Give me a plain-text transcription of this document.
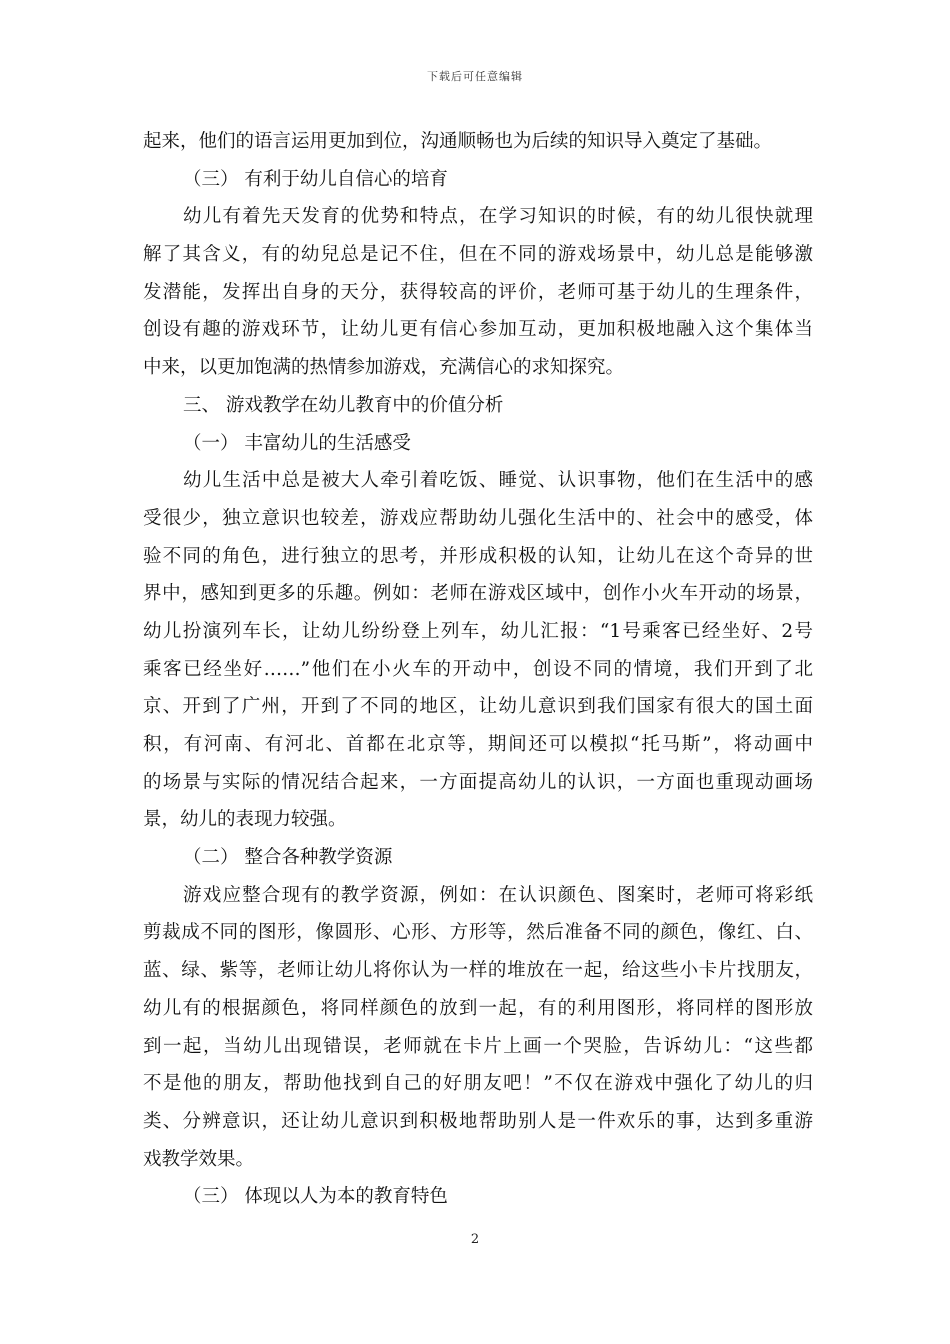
下载后可任意编辑
起来，他们的语言运用更加到位，沟通顺畅也为后续的知识导入奠定了基础。
（三） 有利于幼儿自信心的培育
幼儿有着先天发育的优势和特点，在学习知识的时候，有的幼儿很快就理
解了其含义，有的幼兒总是记不住，但在不同的游戏场景中，幼儿总是能够激
发潜能，发挥出自身的天分，获得较高的评价，老师可基于幼儿的生理条件，
创设有趣的游戏环节，让幼儿更有信心参加互动，更加积极地融入这个集体当
中来，以更加饱满的热情参加游戏，充满信心的求知探究。
三、 游戏教学在幼儿教育中的价值分析
（一） 丰富幼儿的生活感受
幼儿生活中总是被大人牵引着吃饭、睡觉、认识事物，他们在生活中的感
受很少，独立意识也较差，游戏应帮助幼儿强化生活中的、社会中的感受，体
验不同的角色，进行独立的思考，并形成积极的认知，让幼儿在这个奇异的世
界中，感知到更多的乐趣。例如：老师在游戏区域中，创作小火车开动的场景，
幼儿扮演列车长，让幼儿纷纷登上列车，幼儿汇报：“1号乘客已经坐好、2号
乘客已经坐好……”他们在小火车的开动中，创设不同的情境，我们开到了北
京、开到了广州，开到了不同的地区，让幼儿意识到我们国家有很大的国土面
积，有河南、有河北、首都在北京等，期间还可以模拟“托马斯”，将动画中
的场景与实际的情况结合起来，一方面提高幼儿的认识，一方面也重现动画场
景，幼儿的表现力较强。
（二） 整合各种教学资源
游戏应整合现有的教学资源，例如：在认识颜色、图案时，老师可将彩纸
剪裁成不同的图形，像圆形、心形、方形等，然后准备不同的颜色，像红、白、
蓝、绿、紫等，老师让幼儿将你认为一样的堆放在一起，给这些小卡片找朋友，
幼儿有的根据颜色，将同样颜色的放到一起，有的利用图形，将同样的图形放
到一起，当幼儿出现错误，老师就在卡片上画一个哭脸，告诉幼儿：“这些都
不是他的朋友，帮助他找到自己的好朋友吧！”不仅在游戏中强化了幼儿的归
类、分辨意识，还让幼儿意识到积极地帮助别人是一件欢乐的事，达到多重游
戏教学效果。
（三） 体现以人为本的教育特色
2
